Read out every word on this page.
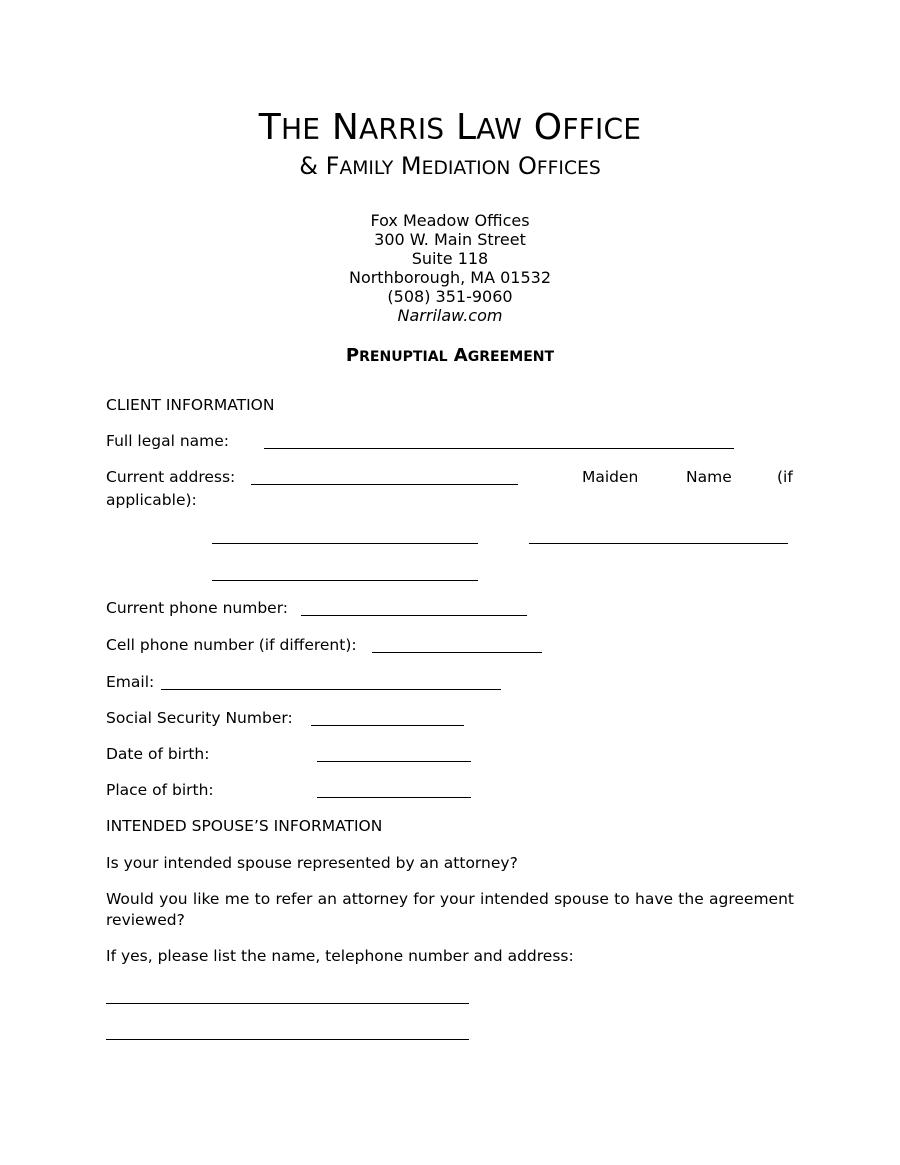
THE NARRIS LAW OFFICE
& FAMILY MEDIATION OFFICES
Fox Meadow Offices
300 W. Main Street
Suite 118
Northborough, MA 01532
(508) 351-9060
Narrilaw.com
PRENUPTIAL AGREEMENT
CLIENT INFORMATION
Full legal name:
Current address:	Maiden	Name	(if
applicable):
Current phone number:
Cell phone number (if different):
Email:
Social Security Number:
Date of birth:
Place of birth:
INTENDED SPOUSE’S INFORMATION
Is your intended spouse represented by an attorney?
Would you like me to refer an attorney for your intended spouse to have the agreement reviewed?
If yes, please list the name, telephone number and address:
